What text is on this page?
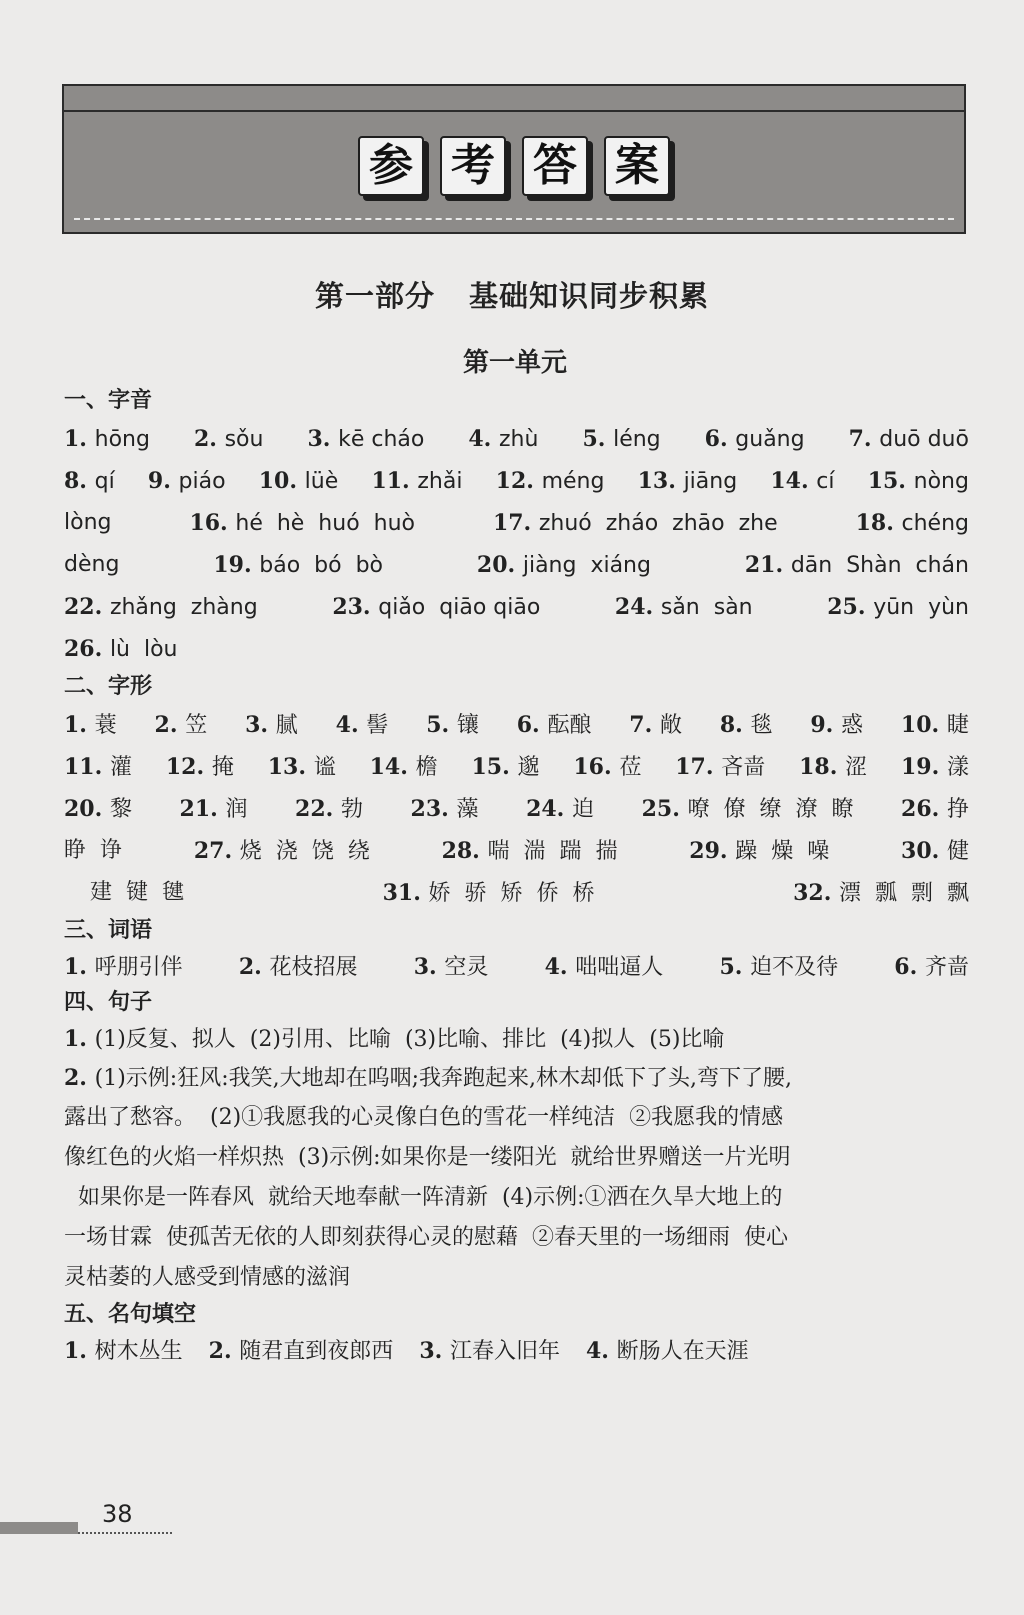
参 考 答 案
第一部分 基础知识同步积累
第一单元
一、字音
1. hōng 2. sǒu 3. kē cháo 4. zhù 5. léng 6. guǎng 7. duō duō
8. qí 9. piáo 10. lüè 11. zhǎi 12. méng 13. jiāng 14. cí 15. nòng
lòng	16. hé  hè  huó  huò	17. zhuó  zháo  zhāo  zhe	18. chéng
dèng	19. báo  bó  bò	20. jiàng  xiáng	21. dān  Shàn  chán
22. zhǎng  zhàng	23. qiǎo  qiāo qiāo	24. sǎn  sàn	25. yūn  yùn
26. lù  lòu
二、字形
1. 蓑 2. 笠 3. 腻 4. 髻 5. 镶 6. 酝酿 7. 敞 8. 毯 9. 惑 10. 睫
11. 灌 12. 掩 13. 谧 14. 檐 15. 邈 16. 莅 17. 吝啬 18. 涩 19. 漾
20. 黎 21. 润 22. 勃 23. 藻 24. 迫 25. 嘹  僚  缭  潦  瞭 26. 挣
睁  诤	27. 烧  浇  饶  绕	28. 喘  湍  踹  揣	29. 躁  燥  噪	30. 健
建  键  毽	31. 娇  骄  矫  侨  桥	32. 漂  瓢  剽  飘
三、词语
1. 呼朋引伴	2. 花枝招展	3. 空灵	4. 咄咄逼人	5. 迫不及待	6. 齐啬
四、句子
1. (1)反复、拟人  (2)引用、比喻  (3)比喻、排比  (4)拟人  (5)比喻
2. (1)示例:狂风:我笑,大地却在呜咽;我奔跑起来,林木却低下了头,弯下了腰,
露出了愁容。  (2)①我愿我的心灵像白色的雪花一样纯洁  ②我愿我的情感
像红色的火焰一样炽热  (3)示例:如果你是一缕阳光  就给世界赠送一片光明
如果你是一阵春风  就给天地奉献一阵清新  (4)示例:①洒在久旱大地上的
一场甘霖  使孤苦无依的人即刻获得心灵的慰藉  ②春天里的一场细雨  使心
灵枯萎的人感受到情感的滋润
五、名句填空
1. 树木丛生 2. 随君直到夜郎西 3. 江春入旧年 4. 断肠人在天涯
38
